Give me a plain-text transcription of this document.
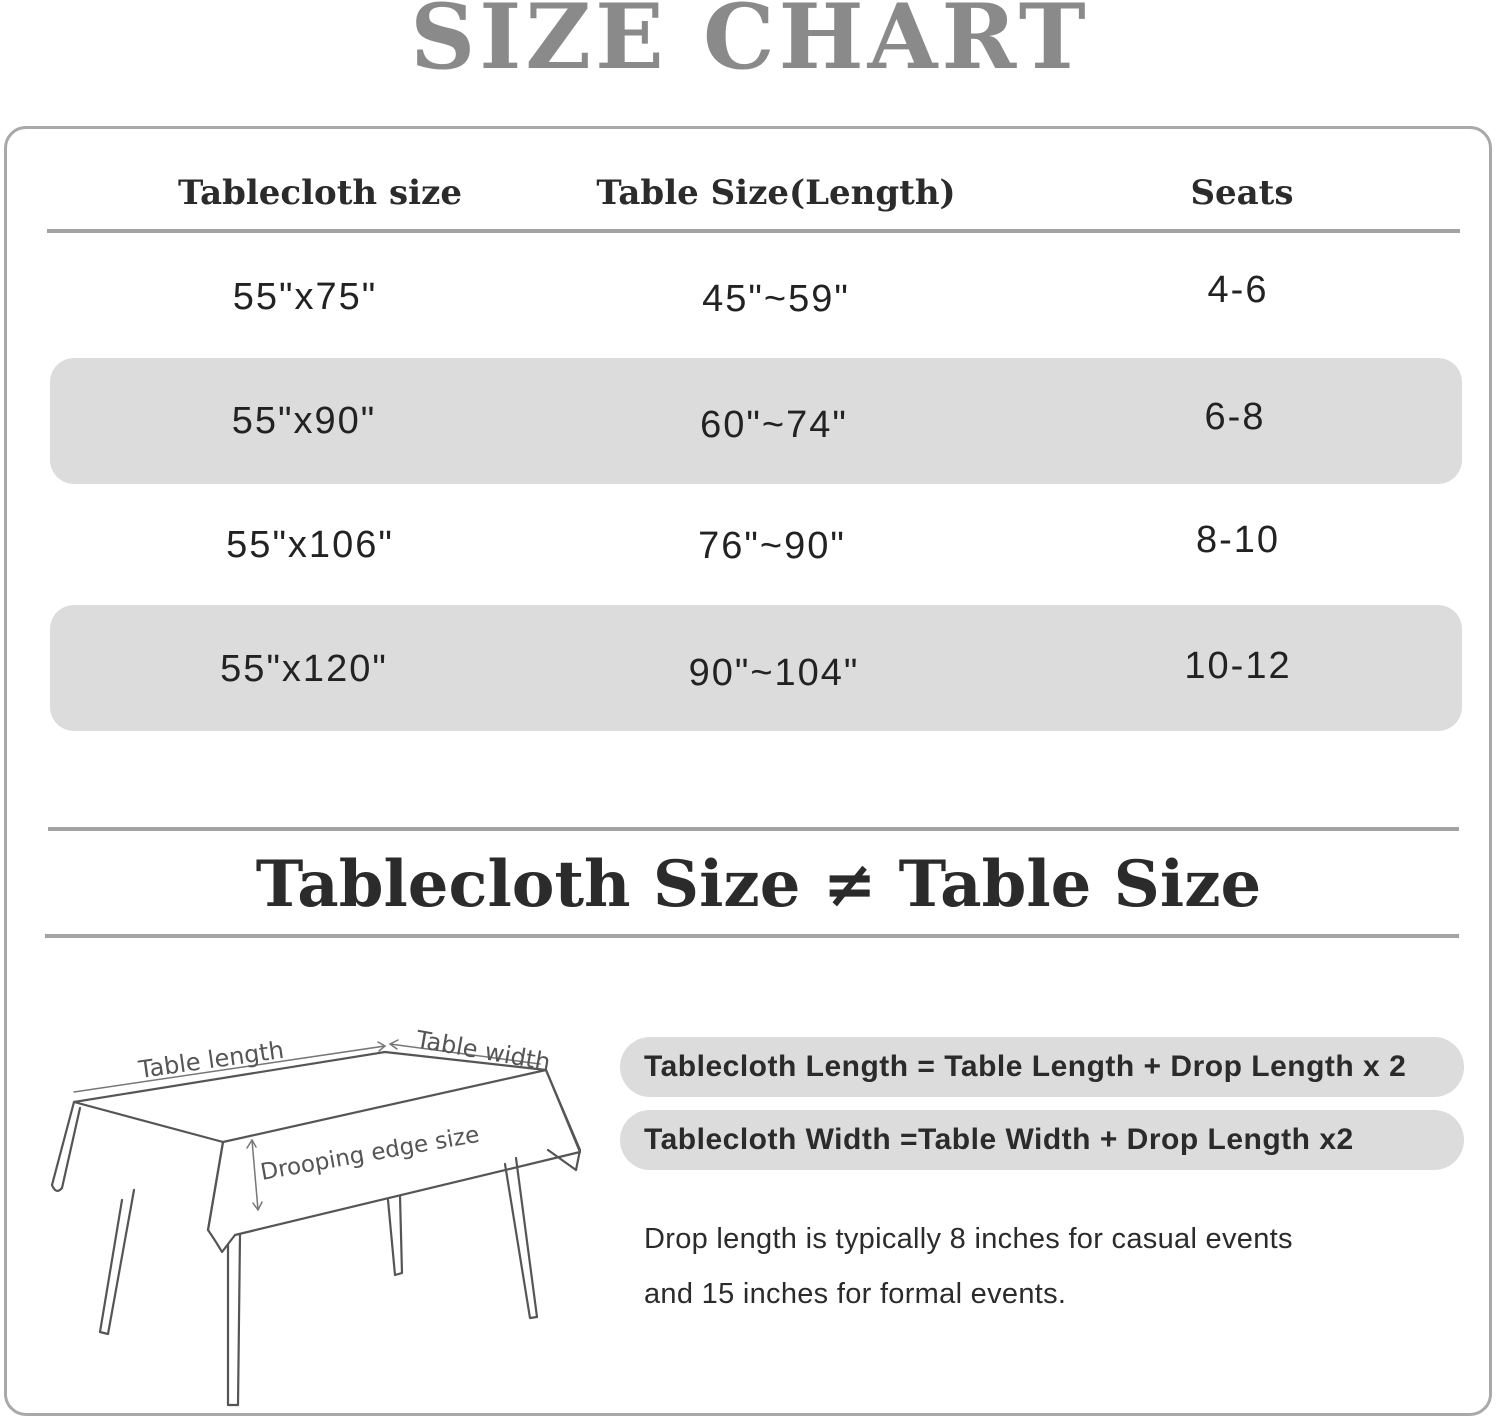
SIZE CHART
Tablecloth size	Table Size(Length)	Seats
55"x75"	45"~59"	4-6
55"x90"	60"~74"	6-8
55"x106"	76"~90"	8-10
55"x120"	90"~104"	10-12
Tablecloth Size ≠ Table Size
Table length	Table width
Drooping edge size
Tablecloth Length = Table Length + Drop Length x 2
Tablecloth Width =Table Width + Drop Length x2
Drop length is typically 8 inches for casual events
and 15 inches for formal events.
